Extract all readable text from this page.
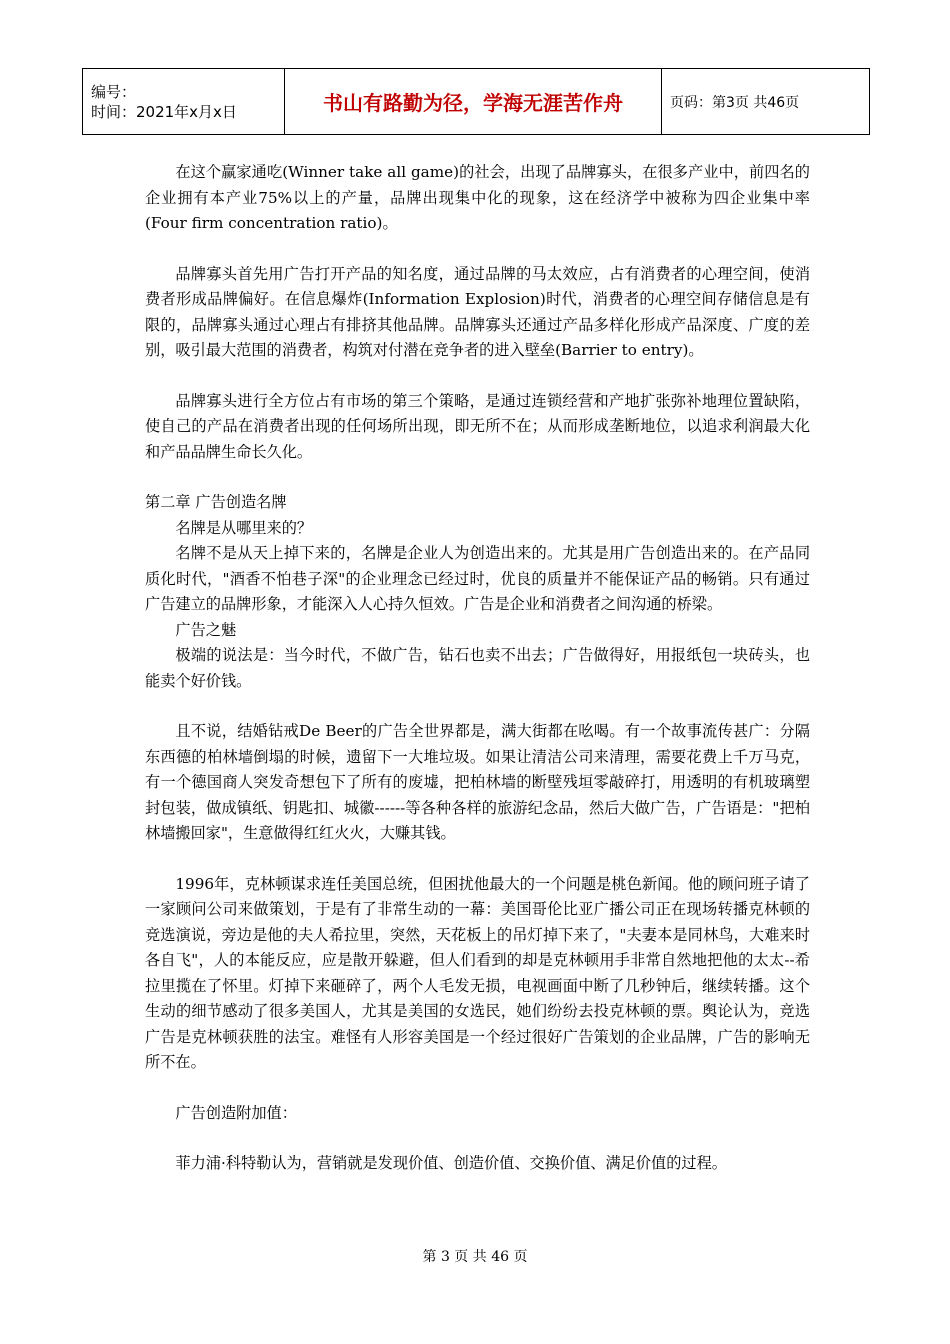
编号：
时间：2021年x月x日	书山有路勤为径，学海无涯苦作舟	页码：第3页 共46页

在这个赢家通吃(Winner take all game)的社会，出现了品牌寡头，在很多产业中，前四名的企业拥有本产业75%以上的产量，品牌出现集中化的现象，这在经济学中被称为四企业集中率(Four firm concentration ratio)。

品牌寡头首先用广告打开产品的知名度，通过品牌的马太效应，占有消费者的心理空间，使消费者形成品牌偏好。在信息爆炸(Information Explosion)时代，消费者的心理空间存储信息是有限的，品牌寡头通过心理占有排挤其他品牌。品牌寡头还通过产品多样化形成产品深度、广度的差别，吸引最大范围的消费者，构筑对付潜在竞争者的进入壁垒(Barrier to entry)。

品牌寡头进行全方位占有市场的第三个策略，是通过连锁经营和产地扩张弥补地理位置缺陷，使自己的产品在消费者出现的任何场所出现，即无所不在；从而形成垄断地位，以追求利润最大化和产品品牌生命长久化。

第二章 广告创造名牌

名牌是从哪里来的？

名牌不是从天上掉下来的，名牌是企业人为创造出来的。尤其是用广告创造出来的。在产品同质化时代，"酒香不怕巷子深"的企业理念已经过时，优良的质量并不能保证产品的畅销。只有通过广告建立的品牌形象，才能深入人心持久恒效。广告是企业和消费者之间沟通的桥梁。

广告之魅

极端的说法是：当今时代，不做广告，钻石也卖不出去；广告做得好，用报纸包一块砖头，也能卖个好价钱。

且不说，结婚钻戒De Beer的广告全世界都是，满大街都在吆喝。有一个故事流传甚广：分隔东西德的柏林墙倒塌的时候，遗留下一大堆垃圾。如果让清洁公司来清理，需要花费上千万马克，有一个德国商人突发奇想包下了所有的废墟，把柏林墙的断壁残垣零敲碎打，用透明的有机玻璃塑封包装，做成镇纸、钥匙扣、城徽------等各种各样的旅游纪念品，然后大做广告，广告语是："把柏林墙搬回家"，生意做得红红火火，大赚其钱。

1996年，克林顿谋求连任美国总统，但困扰他最大的一个问题是桃色新闻。他的顾问班子请了一家顾问公司来做策划，于是有了非常生动的一幕：美国哥伦比亚广播公司正在现场转播克林顿的竞选演说，旁边是他的夫人希拉里，突然，天花板上的吊灯掉下来了，"夫妻本是同林鸟，大难来时各自飞"，人的本能反应，应是散开躲避，但人们看到的却是克林顿用手非常自然地把他的太太--希拉里揽在了怀里。灯掉下来砸碎了，两个人毛发无损，电视画面中断了几秒钟后，继续转播。这个生动的细节感动了很多美国人，尤其是美国的女选民，她们纷纷去投克林顿的票。舆论认为，竞选广告是克林顿获胜的法宝。难怪有人形容美国是一个经过很好广告策划的企业品牌，广告的影响无所不在。

广告创造附加值：

菲力浦·科特勒认为，营销就是发现价值、创造价值、交换价值、满足价值的过程。

第 3 页 共 46 页
